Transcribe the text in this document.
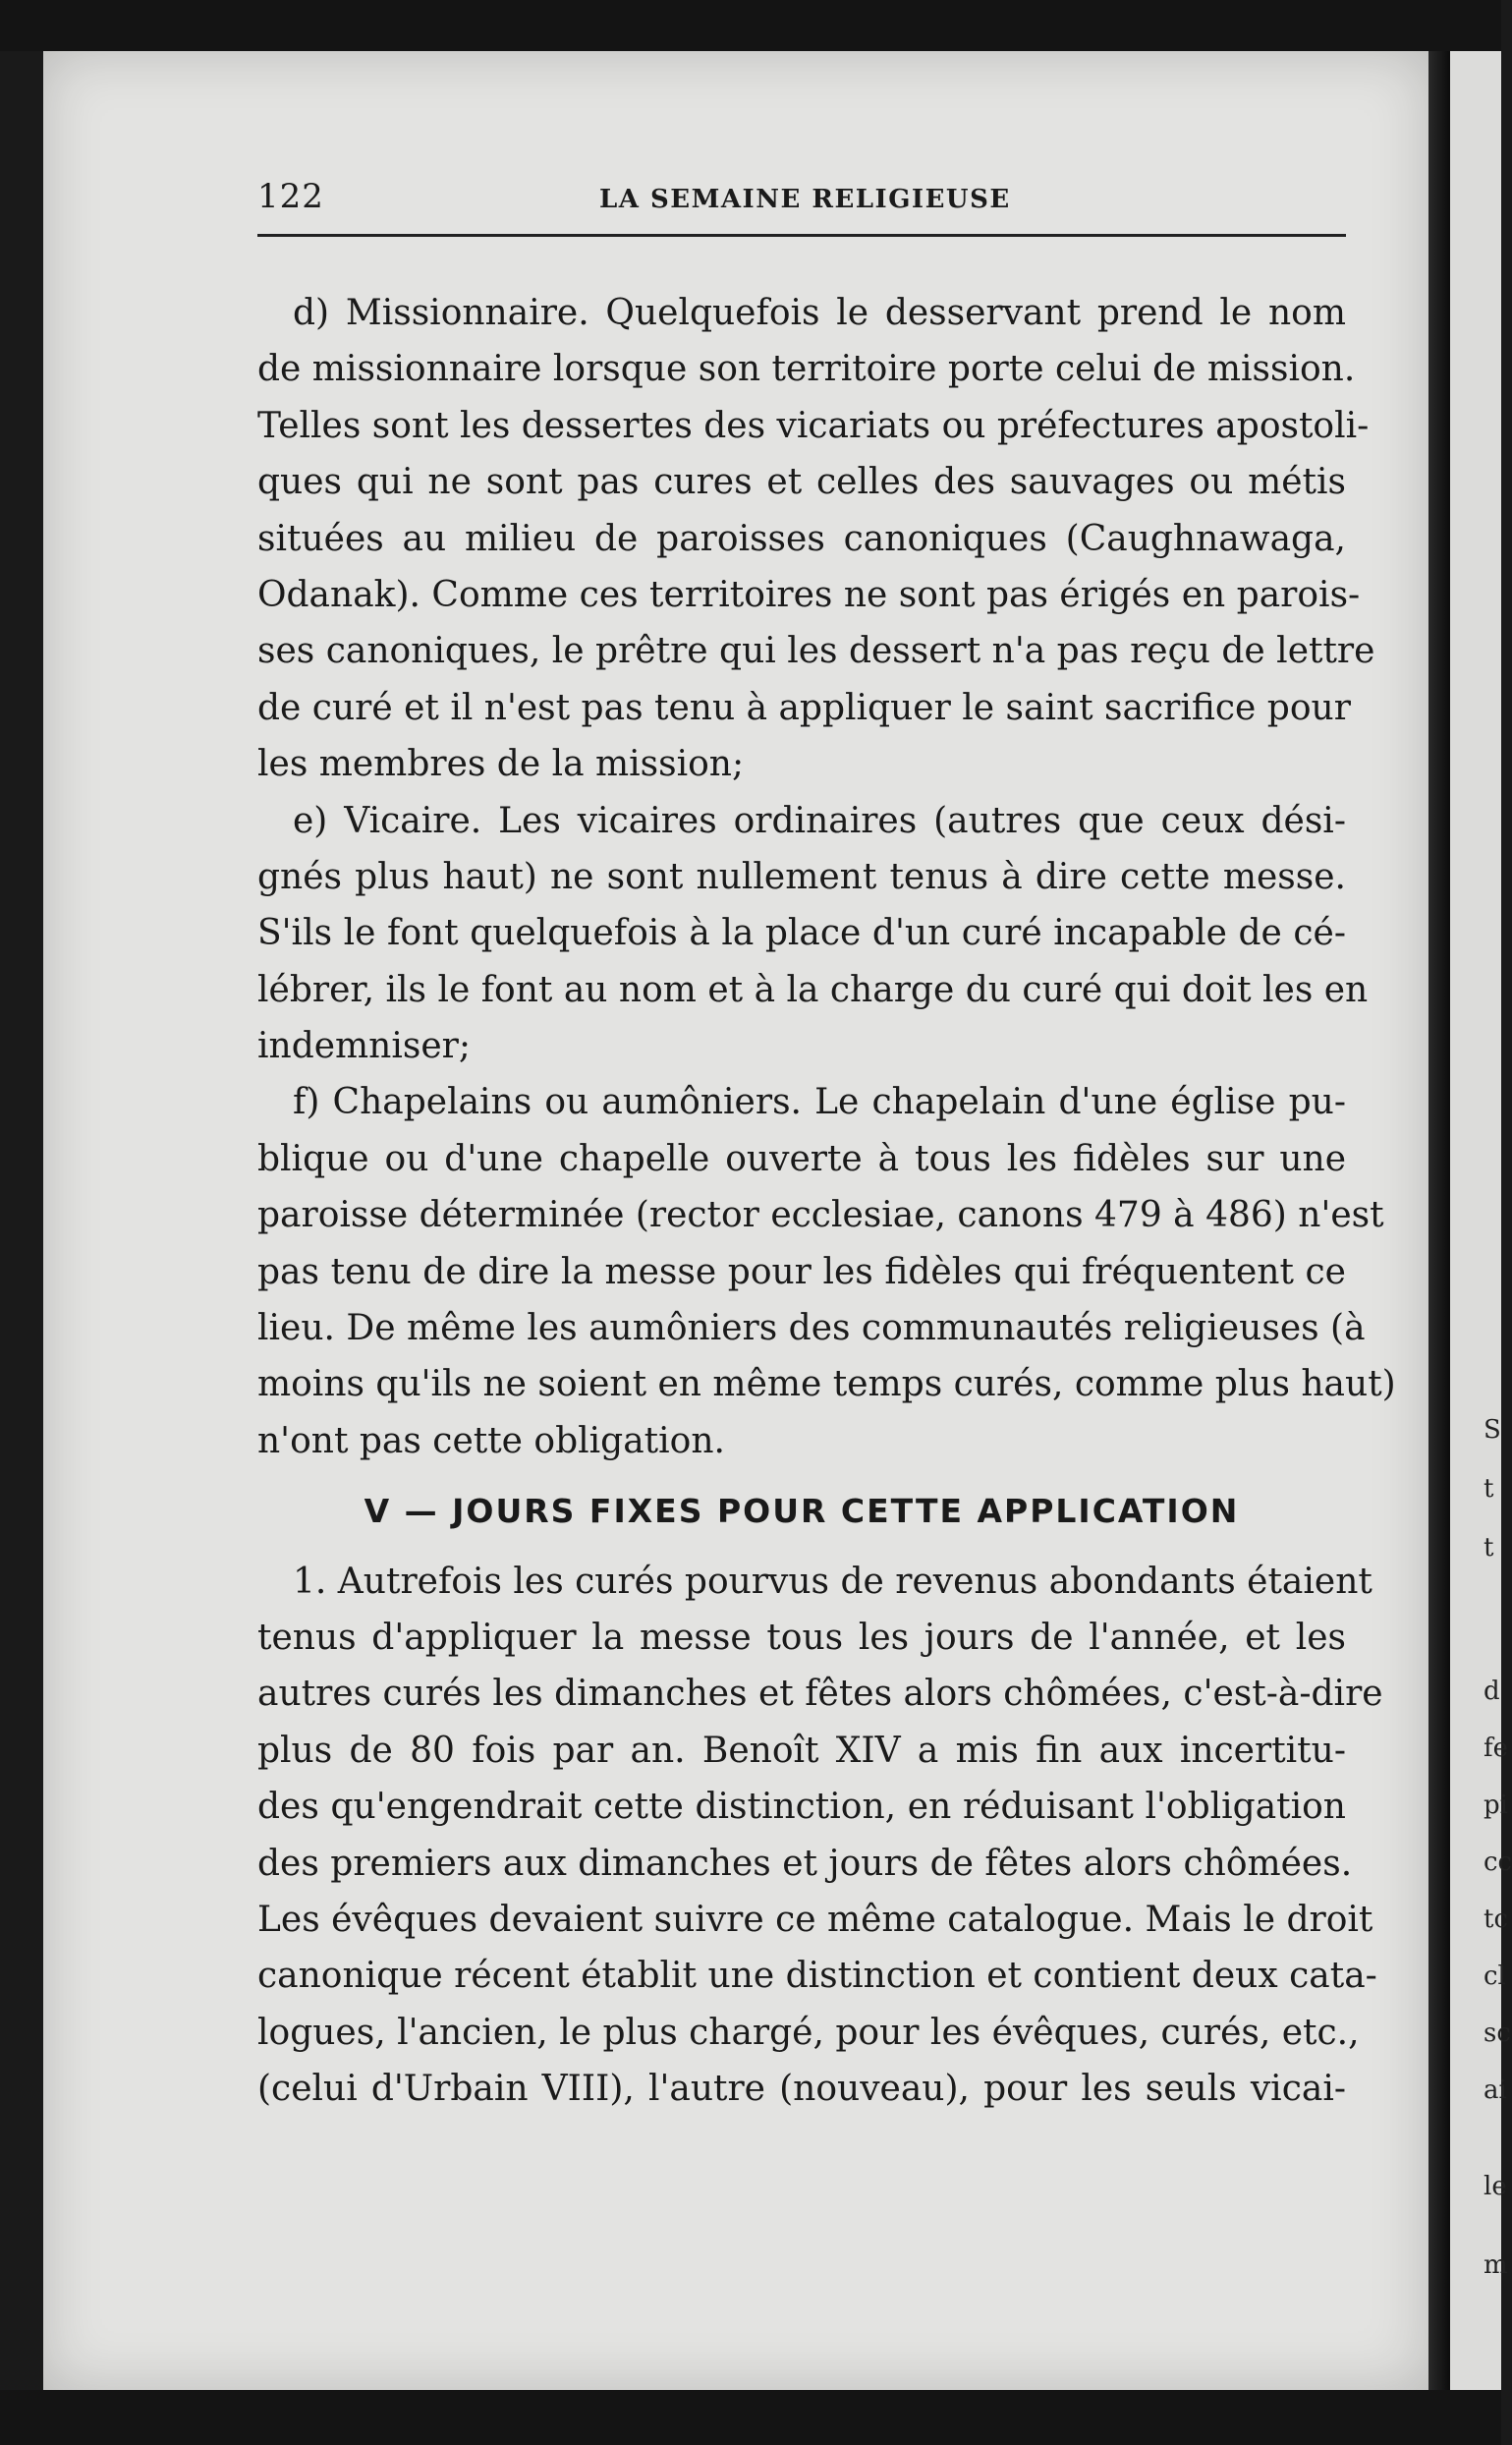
122	LA SEMAINE RELIGIEUSE
d) Missionnaire. Quelquefois le desservant prend le nom
de missionnaire lorsque son territoire porte celui de mission.
Telles sont les dessertes des vicariats ou préfectures apostoli-
ques qui ne sont pas cures et celles des sauvages ou métis
situées au milieu de paroisses canoniques (Caughnawaga,
Odanak). Comme ces territoires ne sont pas érigés en parois-
ses canoniques, le prêtre qui les dessert n'a pas reçu de lettre
de curé et il n'est pas tenu à appliquer le saint sacrifice pour
les membres de la mission;
e) Vicaire. Les vicaires ordinaires (autres que ceux dési-
gnés plus haut) ne sont nullement tenus à dire cette messe.
S'ils le font quelquefois à la place d'un curé incapable de cé-
lébrer, ils le font au nom et à la charge du curé qui doit les en
indemniser;
f) Chapelains ou aumôniers. Le chapelain d'une église pu-
blique ou d'une chapelle ouverte à tous les fidèles sur une
paroisse déterminée (rector ecclesiae, canons 479 à 486) n'est
pas tenu de dire la messe pour les fidèles qui fréquentent ce
lieu. De même les aumôniers des communautés religieuses (à
moins qu'ils ne soient en même temps curés, comme plus haut)
n'ont pas cette obligation.
V — JOURS FIXES POUR CETTE APPLICATION
1. Autrefois les curés pourvus de revenus abondants étaient
tenus d'appliquer la messe tous les jours de l'année, et les
autres curés les dimanches et fêtes alors chômées, c'est-à-dire
plus de 80 fois par an. Benoît XIV a mis fin aux incertitu-
des qu'engendrait cette distinction, en réduisant l'obligation
des premiers aux dimanches et jours de fêtes alors chômées.
Les évêques devaient suivre ce même catalogue. Mais le droit
canonique récent établit une distinction et contient deux cata-
logues, l'ancien, le plus chargé, pour les évêques, curés, etc.,
(celui d'Urbain VIII), l'autre (nouveau), pour les seuls vicai-
S
t
t
d
fe
pi
cc
tc
cl
sc
ai
le
m
